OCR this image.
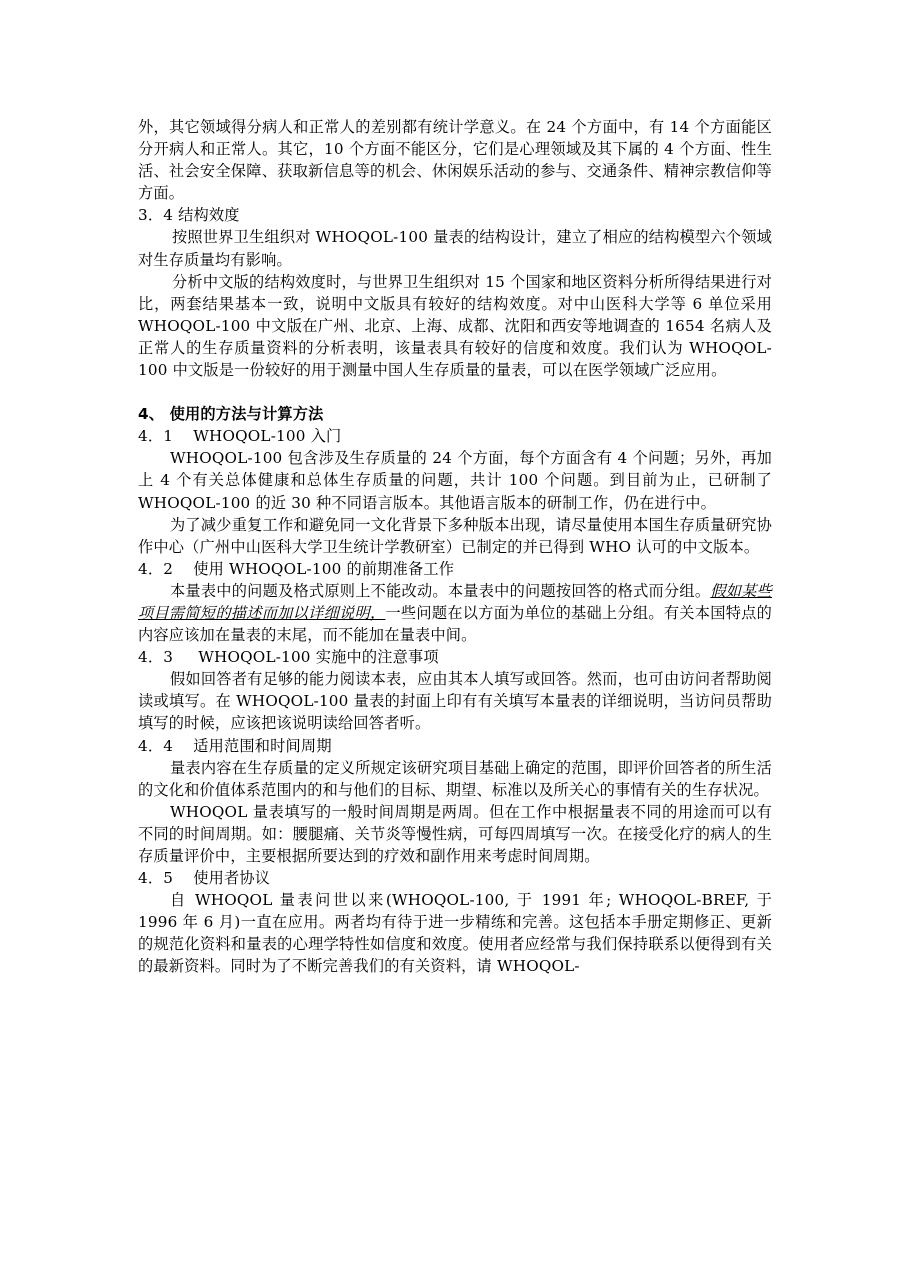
外，其它领域得分病人和正常人的差别都有统计学意义。在 24 个方面中，有 14 个方面能区分开病人和正常人。其它，10 个方面不能区分，它们是心理领域及其下属的 4 个方面、性生活、社会安全保障、获取新信息等的机会、休闲娱乐活动的参与、交通条件、精神宗教信仰等方面。

3．4 结构效度

按照世界卫生组织对 WHOQOL-100 量表的结构设计，建立了相应的结构模型六个领域对生存质量均有影响。

分析中文版的结构效度时，与世界卫生组织对 15 个国家和地区资料分析所得结果进行对比，两套结果基本一致，说明中文版具有较好的结构效度。对中山医科大学等 6 单位采用 WHOQOL-100 中文版在广州、北京、上海、成都、沈阳和西安等地调查的 1654 名病人及正常人的生存质量资料的分析表明，该量表具有较好的信度和效度。我们认为 WHOQOL-100 中文版是一份较好的用于测量中国人生存质量的量表，可以在医学领域广泛应用。

4、 使用的方法与计算方法

4．1    WHOQOL-100 入门

WHOQOL-100 包含涉及生存质量的 24 个方面，每个方面含有 4 个问题；另外，再加上 4 个有关总体健康和总体生存质量的问题，共计 100 个问题。到目前为止，已研制了 WHOQOL-100 的近 30 种不同语言版本。其他语言版本的研制工作，仍在进行中。

为了减少重复工作和避免同一文化背景下多种版本出现，请尽量使用本国生存质量研究协作中心（广州中山医科大学卫生统计学教研室）已制定的并已得到 WHO 认可的中文版本。

4．2    使用 WHOQOL-100 的前期准备工作

本量表中的问题及格式原则上不能改动。本量表中的问题按回答的格式而分组。假如某些项目需简短的描述而加以详细说明，一些问题在以方面为单位的基础上分组。有关本国特点的内容应该加在量表的末尾，而不能加在量表中间。

4．3     WHOQOL-100 实施中的注意事项

假如回答者有足够的能力阅读本表，应由其本人填写或回答。然而，也可由访问者帮助阅读或填写。在 WHOQOL-100 量表的封面上印有有关填写本量表的详细说明，当访问员帮助填写的时候，应该把该说明读给回答者听。

4．4    适用范围和时间周期

量表内容在生存质量的定义所规定该研究项目基础上确定的范围，即评价回答者的所生活的文化和价值体系范围内的和与他们的目标、期望、标准以及所关心的事情有关的生存状况。

WHOQOL 量表填写的一般时间周期是两周。但在工作中根据量表不同的用途而可以有不同的时间周期。如：腰腿痛、关节炎等慢性病，可每四周填写一次。在接受化疗的病人的生存质量评价中，主要根据所要达到的疗效和副作用来考虑时间周期。

4．5    使用者协议

自 WHOQOL 量表问世以来(WHOQOL-100, 于 1991 年; WHOQOL-BREF, 于 1996 年 6 月)一直在应用。两者均有待于进一步精练和完善。这包括本手册定期修正、更新的规范化资料和量表的心理学特性如信度和效度。使用者应经常与我们保持联系以便得到有关的最新资料。同时为了不断完善我们的有关资料，请 WHOQOL-
